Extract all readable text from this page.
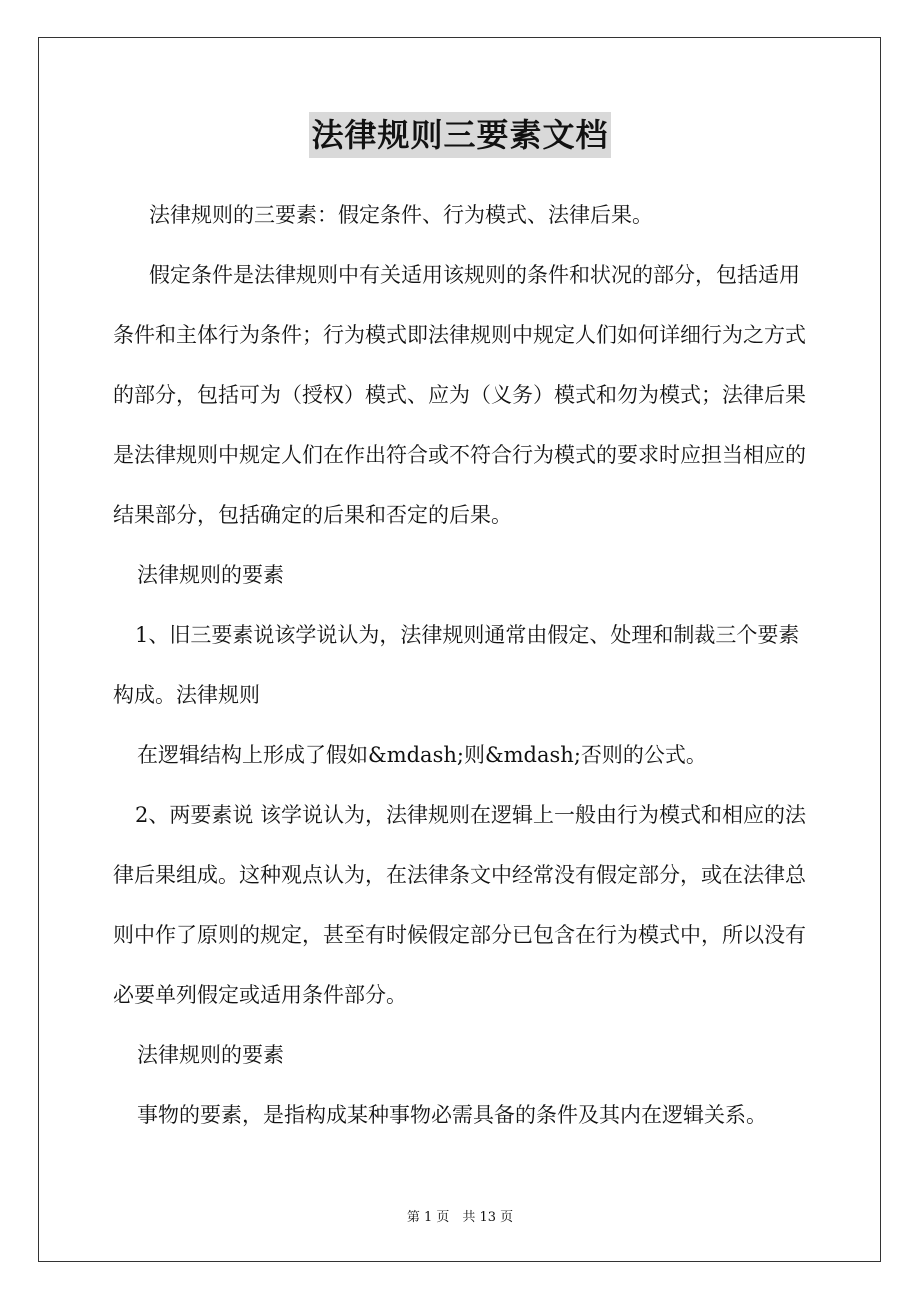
法律规则三要素文档

法律规则的三要素：假定条件、行为模式、法律后果。

假定条件是法律规则中有关适用该规则的条件和状况的部分，包括适用条件和主体行为条件；行为模式即法律规则中规定人们如何详细行为之方式的部分，包括可为（授权）模式、应为（义务）模式和勿为模式；法律后果是法律规则中规定人们在作出符合或不符合行为模式的要求时应担当相应的结果部分，包括确定的后果和否定的后果。

法律规则的要素

1、旧三要素说该学说认为，法律规则通常由假定、处理和制裁三个要素构成。法律规则

在逻辑结构上形成了假如&mdash;则&mdash;否则的公式。

2、两要素说 该学说认为，法律规则在逻辑上一般由行为模式和相应的法律后果组成。这种观点认为，在法律条文中经常没有假定部分，或在法律总则中作了原则的规定，甚至有时候假定部分已包含在行为模式中，所以没有必要单列假定或适用条件部分。

法律规则的要素

事物的要素，是指构成某种事物必需具备的条件及其内在逻辑关系。

第 1 页　共 13 页
